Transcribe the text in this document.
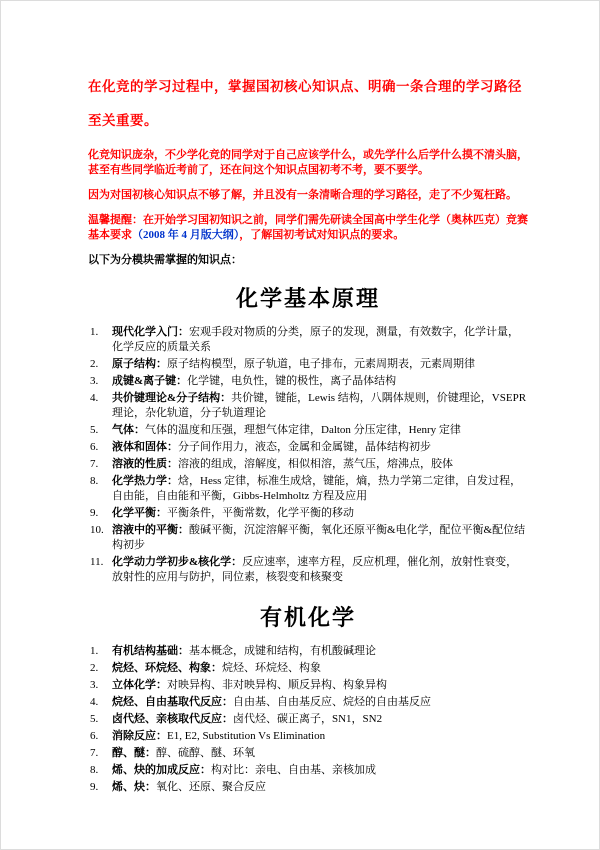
在化竞的学习过程中，掌握国初核心知识点、明确一条合理的学习路径至关重要。

化竞知识庞杂，不少学化竞的同学对于自己应该学什么，或先学什么后学什么摸不清头脑，甚至有些同学临近考前了，还在问这个知识点国初考不考，要不要学。

因为对国初核心知识点不够了解，并且没有一条清晰合理的学习路径，走了不少冤枉路。

温馨提醒：在开始学习国初知识之前，同学们需先研读全国高中学生化学（奥林匹克）竞赛基本要求（2008 年 4 月版大纲），了解国初考试对知识点的要求。

以下为分模块需掌握的知识点：

化学基本原理
1.	现代化学入门：宏观手段对物质的分类，原子的发现，测量，有效数字，化学计量，化学反应的质量关系
2.	原子结构：原子结构模型，原子轨道，电子排布，元素周期表，元素周期律
3.	成键&离子键：化学键，电负性，键的极性，离子晶体结构
4.	共价键理论&分子结构：共价键，键能，Lewis 结构，八隅体规则，价键理论，VSEPR 理论，杂化轨道，分子轨道理论
5.	气体：气体的温度和压强，理想气体定律，Dalton 分压定律，Henry 定律
6.	液体和固体：分子间作用力，液态，金属和金属键，晶体结构初步
7.	溶液的性质：溶液的组成，溶解度，相似相溶，蒸气压，熔沸点，胶体
8.	化学热力学：焓，Hess 定律，标准生成焓，键能，熵，热力学第二定律，自发过程，自由能，自由能和平衡，Gibbs-Helmholtz 方程及应用
9.	化学平衡：平衡条件，平衡常数，化学平衡的移动
10. 溶液中的平衡：酸碱平衡，沉淀溶解平衡，氧化还原平衡&电化学，配位平衡&配位结构初步
11. 化学动力学初步&核化学：反应速率，速率方程，反应机理，催化剂，放射性衰变，放射性的应用与防护，同位素，核裂变和核聚变
有机化学
1.	有机结构基础：基本概念，成键和结构，有机酸碱理论
2.	烷烃、环烷烃、构象：烷烃、环烷烃、构象
3.	立体化学：对映异构、非对映异构、顺反异构、构象异构
4.	烷烃、自由基取代反应：自由基、自由基反应、烷烃的自由基反应
5.	卤代烃、亲核取代反应：卤代烃、碳正离子，SN1，SN2
6.	消除反应：E1, E2, Substitution Vs Elimination
7.	醇、醚：醇、硫醇、醚、环氧
8.	烯、炔的加成反应：构对比：亲电、自由基、亲核加成
9.	烯、炔：氧化、还原、聚合反应
